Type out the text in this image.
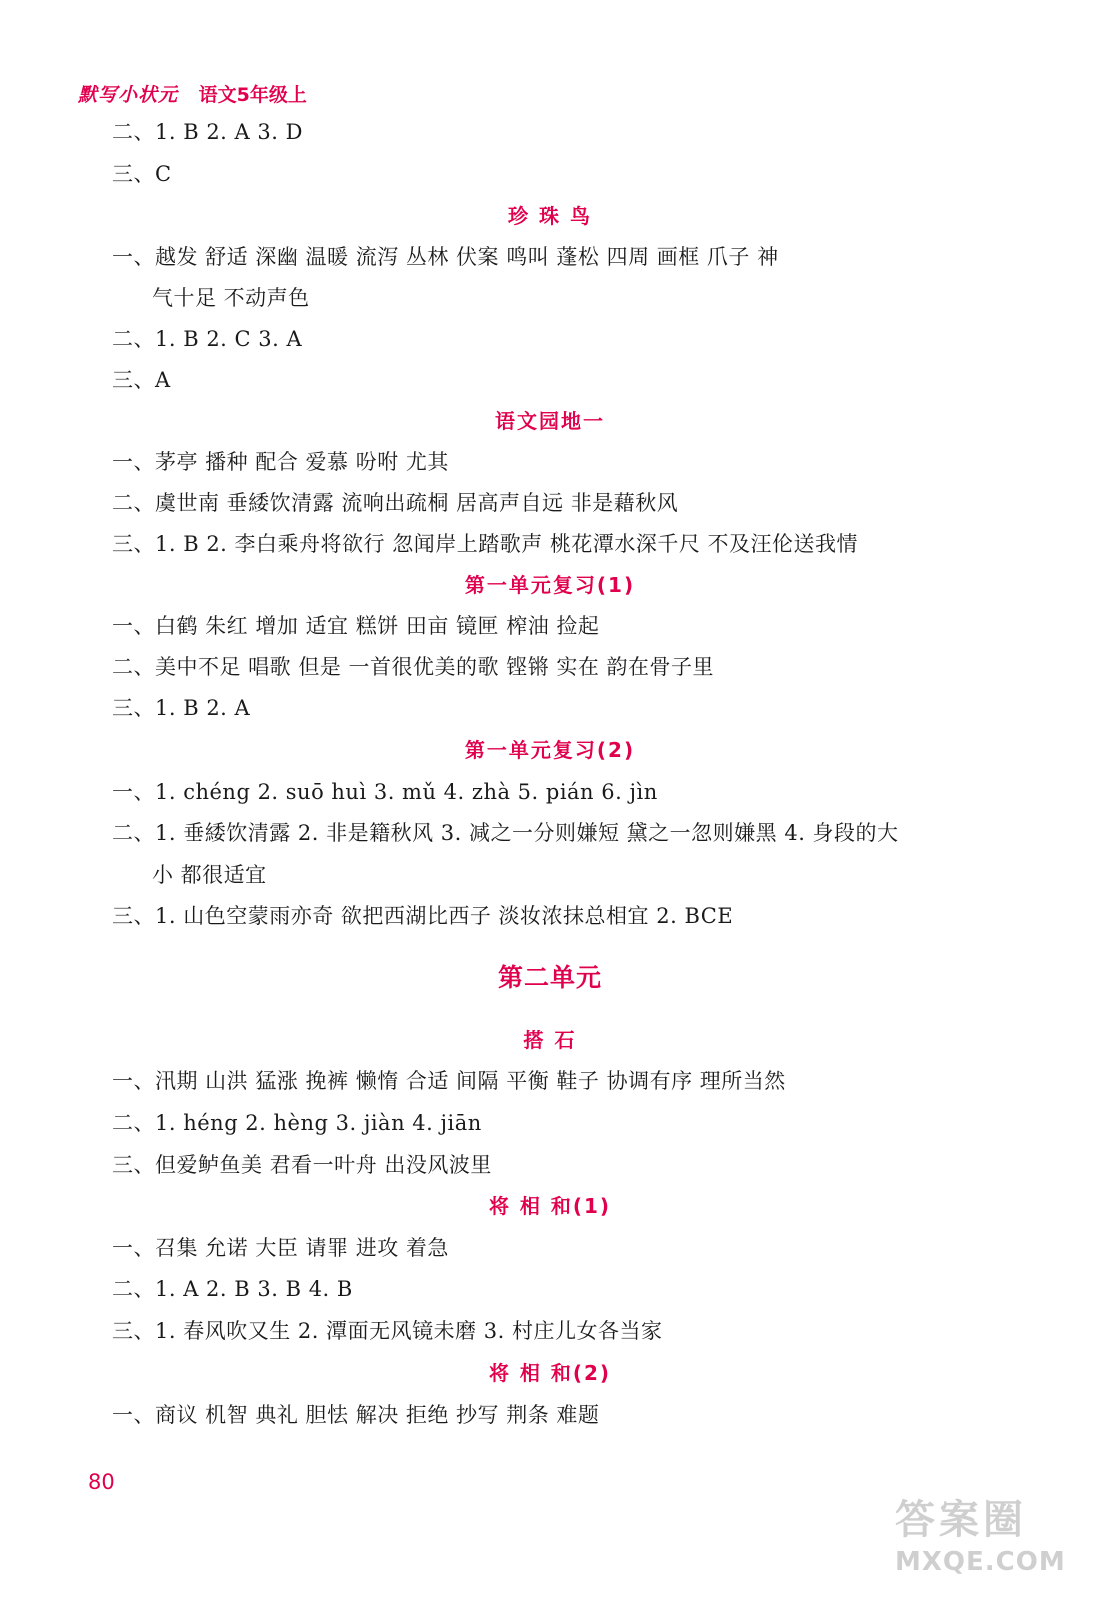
默写小状元 语文5年级上
二、1. B 2. A 3. D
三、C
珍 珠 鸟
一、越发 舒适 深幽 温暖 流泻 丛林 伏案 鸣叫 蓬松 四周 画框 爪子 神
气十足 不动声色
二、1. B 2. C 3. A
三、A
语文园地一
一、茅亭 播种 配合 爱慕 吩咐 尤其
二、虞世南 垂緌饮清露 流响出疏桐 居高声自远 非是藉秋风
三、1. B 2. 李白乘舟将欲行 忽闻岸上踏歌声 桃花潭水深千尺 不及汪伦送我情
第一单元复习(1)
一、白鹤 朱红 增加 适宜 糕饼 田亩 镜匣 榨油 捡起
二、美中不足 唱歌 但是 一首很优美的歌 铿锵 实在 韵在骨子里
三、1. B 2. A
第一单元复习(2)
一、1. chéng 2. suō huì 3. mǔ 4. zhà 5. pián 6. jìn
二、1. 垂緌饮清露 2. 非是籍秋风 3. 减之一分则嫌短 黛之一忽则嫌黑 4. 身段的大
小 都很适宜
三、1. 山色空蒙雨亦奇 欲把西湖比西子 淡妆浓抹总相宜 2. BCE
第二单元
搭 石
一、汛期 山洪 猛涨 挽裤 懒惰 合适 间隔 平衡 鞋子 协调有序 理所当然
二、1. héng 2. hèng 3. jiàn 4. jiān
三、但爱鲈鱼美 君看一叶舟 出没风波里
将 相 和(1)
一、召集 允诺 大臣 请罪 进攻 着急
二、1. A 2. B 3. B 4. B
三、1. 春风吹又生 2. 潭面无风镜未磨 3. 村庄儿女各当家
将 相 和(2)
一、商议 机智 典礼 胆怯 解决 拒绝 抄写 荆条 难题
80
答案圈
MXQE.COM
